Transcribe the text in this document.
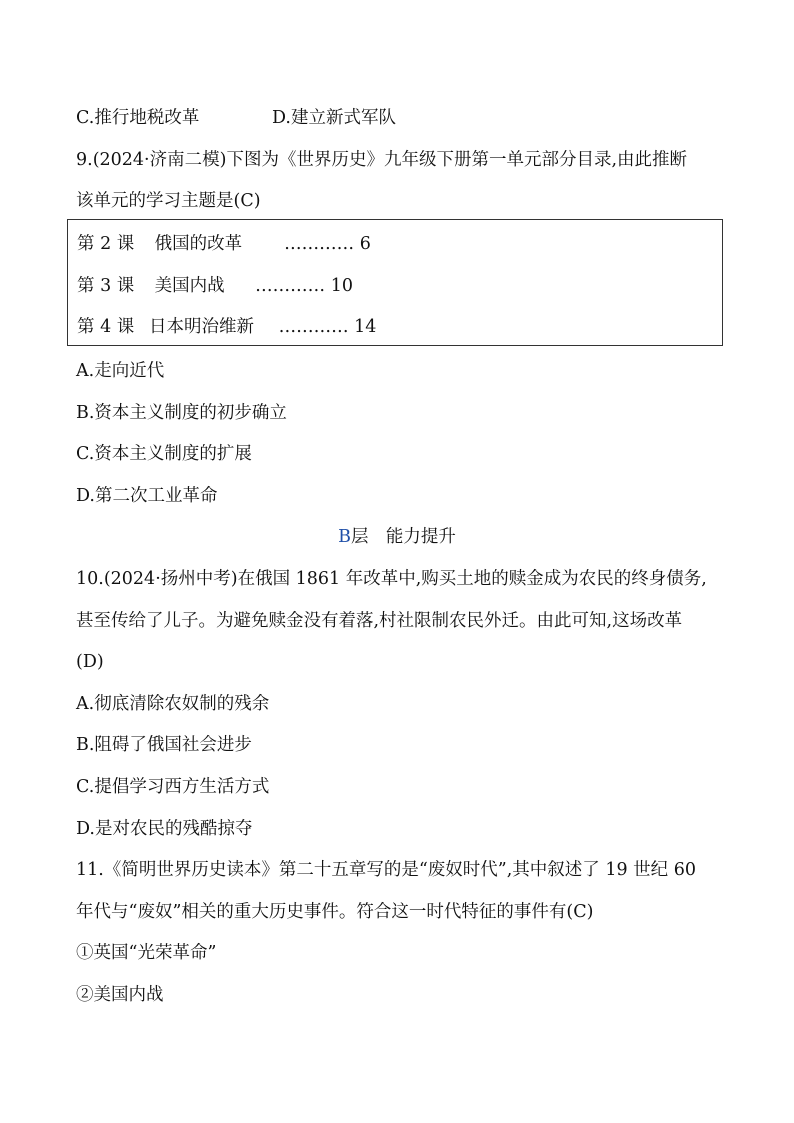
C.推行地税改革	D.建立新式军队
9.(2024·济南二模)下图为《世界历史》九年级下册第一单元部分目录,由此推断
该单元的学习主题是(C)
第 2 课 俄国的改革 ………… 6
第 3 课 美国内战 ………… 10
第 4 课 日本明治维新 ………… 14
A.走向近代
B.资本主义制度的初步确立
C.资本主义制度的扩展
D.第二次工业革命
B层　能力提升
10.(2024·扬州中考)在俄国 1861 年改革中,购买土地的赎金成为农民的终身债务,
甚至传给了儿子。为避免赎金没有着落,村社限制农民外迁。由此可知,这场改革
(D)
A.彻底清除农奴制的残余
B.阻碍了俄国社会进步
C.提倡学习西方生活方式
D.是对农民的残酷掠夺
11.《简明世界历史读本》第二十五章写的是“废奴时代”,其中叙述了 19 世纪 60
年代与“废奴”相关的重大历史事件。符合这一时代特征的事件有(C)
①英国“光荣革命”
②美国内战
